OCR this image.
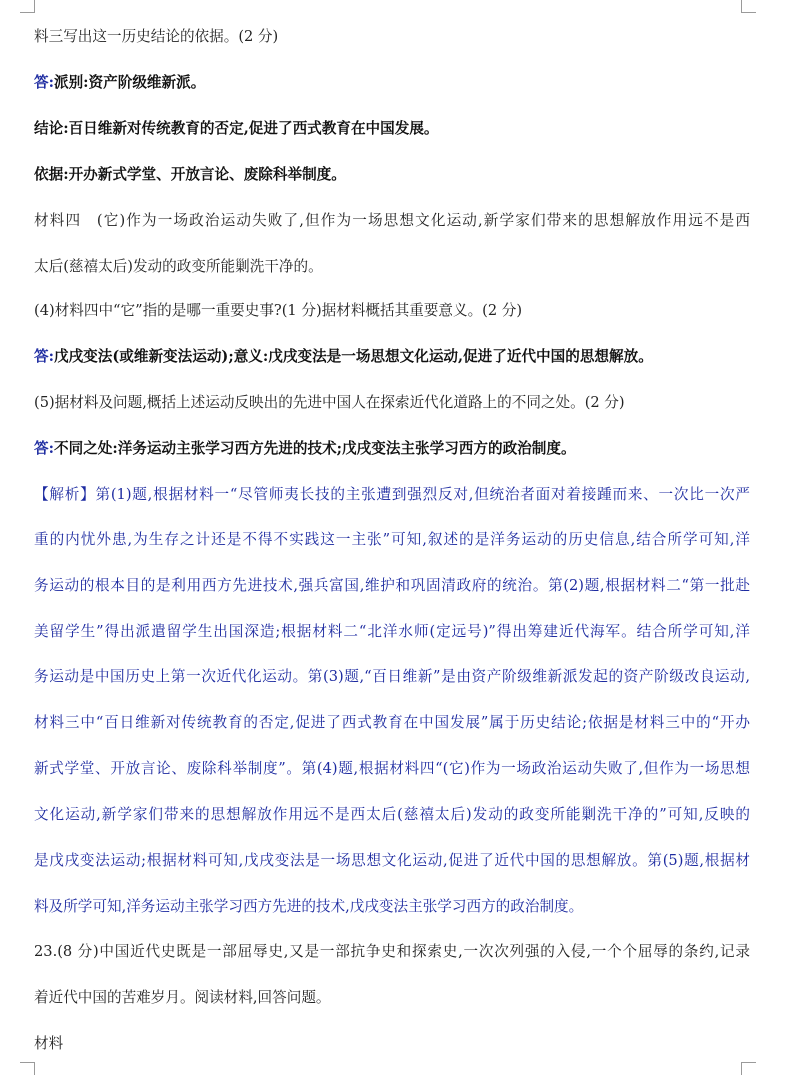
料三写出这一历史结论的依据。(2 分)
答:派别:资产阶级维新派。
结论:百日维新对传统教育的否定,促进了西式教育在中国发展。
依据:开办新式学堂、开放言论、废除科举制度。
材料四　(它)作为一场政治运动失败了,但作为一场思想文化运动,新学家们带来的思想解放作用远不是西
太后(慈禧太后)发动的政变所能剿洗干净的。
(4)材料四中“它”指的是哪一重要史事?(1 分)据材料概括其重要意义。(2 分)
答:戊戌变法(或维新变法运动);意义:戊戌变法是一场思想文化运动,促进了近代中国的思想解放。
(5)据材料及问题,概括上述运动反映出的先进中国人在探索近代化道路上的不同之处。(2 分)
答:不同之处:洋务运动主张学习西方先进的技术;戊戌变法主张学习西方的政治制度。
【解析】第(1)题,根据材料一“尽管师夷长技的主张遭到强烈反对,但统治者面对着接踵而来、一次比一次严
重的内忧外患,为生存之计还是不得不实践这一主张”可知,叙述的是洋务运动的历史信息,结合所学可知,洋
务运动的根本目的是利用西方先进技术,强兵富国,维护和巩固清政府的统治。第(2)题,根据材料二“第一批赴
美留学生”得出派遣留学生出国深造;根据材料二“北洋水师(定远号)”得出筹建近代海军。结合所学可知,洋
务运动是中国历史上第一次近代化运动。第(3)题,“百日维新”是由资产阶级维新派发起的资产阶级改良运动,
材料三中“百日维新对传统教育的否定,促进了西式教育在中国发展”属于历史结论;依据是材料三中的“开办
新式学堂、开放言论、废除科举制度”。第(4)题,根据材料四“(它)作为一场政治运动失败了,但作为一场思想
文化运动,新学家们带来的思想解放作用远不是西太后(慈禧太后)发动的政变所能剿洗干净的”可知,反映的
是戊戌变法运动;根据材料可知,戊戌变法是一场思想文化运动,促进了近代中国的思想解放。第(5)题,根据材
料及所学可知,洋务运动主张学习西方先进的技术,戊戌变法主张学习西方的政治制度。
23.(8 分)中国近代史既是一部屈辱史,又是一部抗争史和探索史,一次次列强的入侵,一个个屈辱的条约,记录
着近代中国的苦难岁月。阅读材料,回答问题。
材料
